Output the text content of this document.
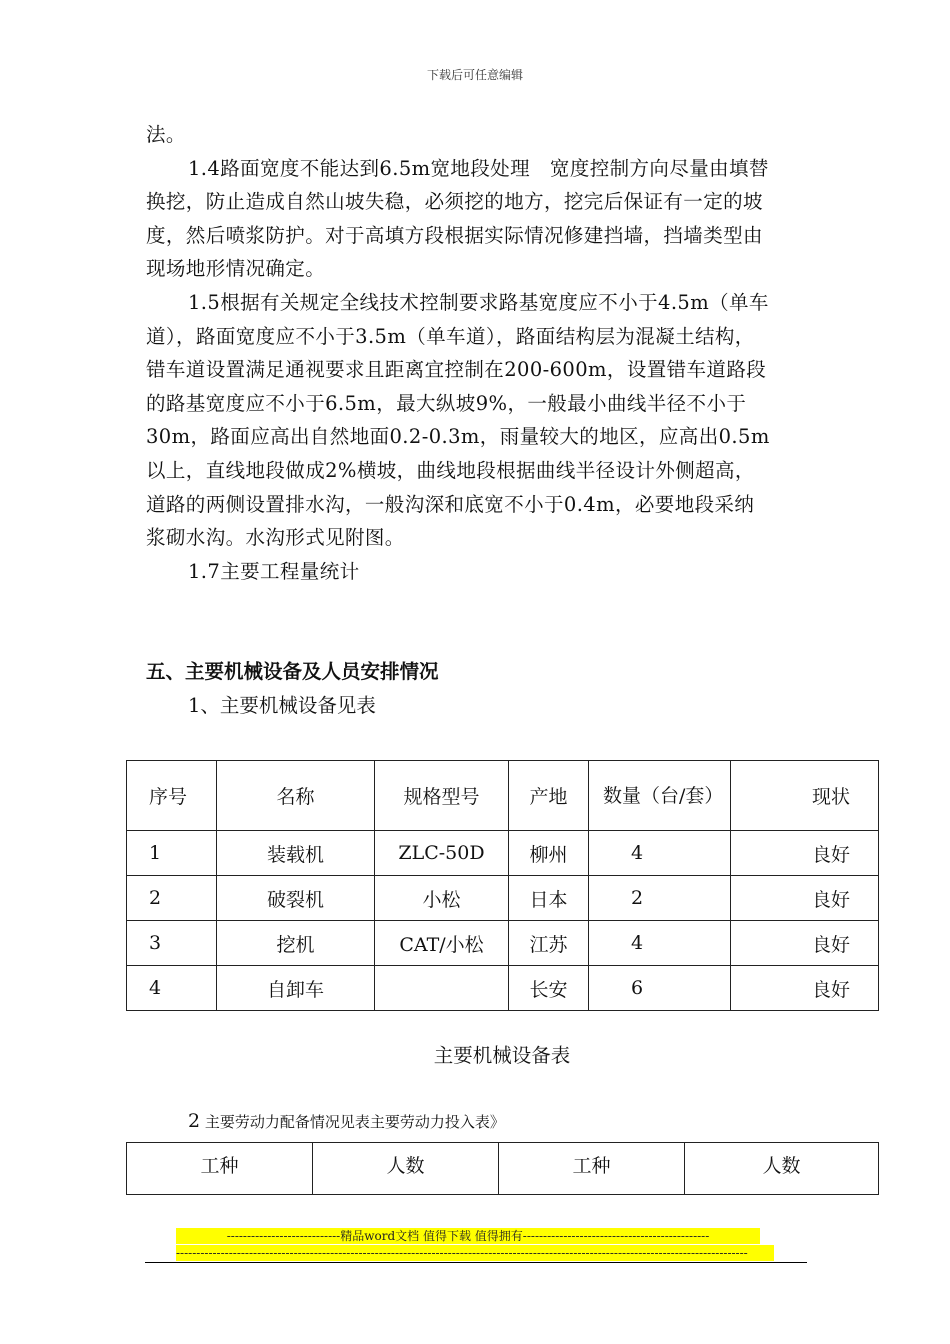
下载后可任意编辑

法。

1.4路面宽度不能达到6.5m宽地段处理　宽度控制方向尽量由填替换挖，防止造成自然山坡失稳，必须挖的地方，挖完后保证有一定的坡度，然后喷浆防护。对于高填方段根据实际情况修建挡墙，挡墙类型由现场地形情况确定。

1.5根据有关规定全线技术控制要求路基宽度应不小于4.5m（单车道），路面宽度应不小于3.5m（单车道），路面结构层为混凝土结构，错车道设置满足通视要求且距离宜控制在200-600m，设置错车道路段的路基宽度应不小于6.5m，最大纵坡9%，一般最小曲线半径不小于30m，路面应高出自然地面0.2-0.3m，雨量较大的地区，应高出0.5m以上，直线地段做成2%横坡，曲线地段根据曲线半径设计外侧超高，道路的两侧设置排水沟，一般沟深和底宽不小于0.4m，必要地段采纳浆砌水沟。水沟形式见附图。

1.7主要工程量统计

五、主要机械设备及人员安排情况
1、主要机械设备见表
序号	名称	规格型号	产地	数量（台/套）	现状
1	装载机	ZLC-50D	柳州	4	良好
2	破裂机	小松	日本	2	良好
3	挖机	CAT/小松	江苏	4	良好
4	自卸车		长安	6	良好
主要机械设备表
2 主要劳动力配备情况见表主要劳动力投入表》
工种	人数	工种	人数
----------------------------精品word文档 值得下载 值得拥有----------------------------------------------
---------------------------------------------------------------------------------------------------------------------------------------------
